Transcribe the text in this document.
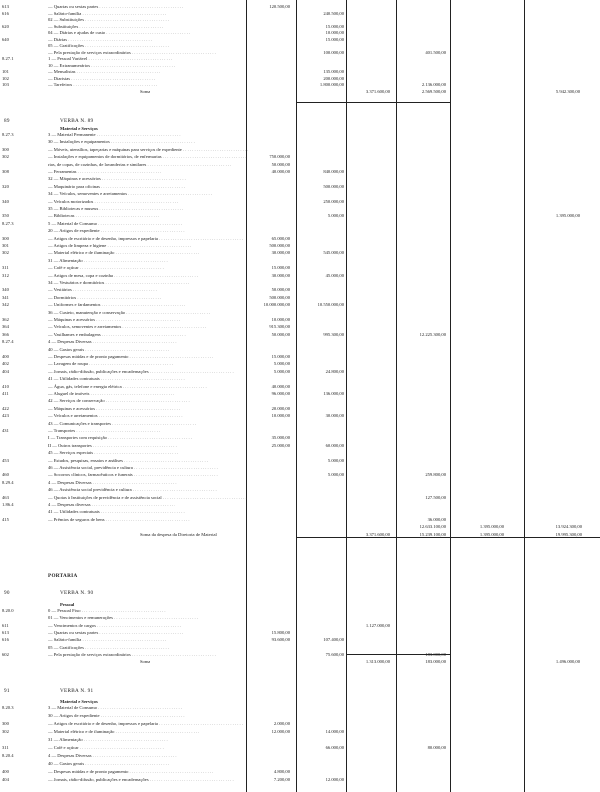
613	— Quartas ou sextas partes . . .	120.500,00
616	— Salário-família . . .	240.500,00
02 — Substituições . . .
620	— Substituições . . .	15.000,00
04 — Diárias e ajudas de custo . . .	10.000,00
640	— Diárias . . .	15.000,00
05 — Gratificações . . .
— Pela prestação de serviços extraordinários . . .	100.000,00	401.500,00
8.27.1	1 — Pessoal Variável . . .
10 — Extranumerários . . .
101	— Mensalistas . . .	135.000,00
102	— Diaristas . . .	200.000,00
103	— Tarefeiros . . .	1.800.000,00	2.136.000,00
Soma	3.371.600,00	2.569.500,00	5.942.300,00
89	VERBA N. 89
Material e Serviços
8.27.3	3 — Material Permanente . . .
30 — Instalações e equipamentos . . .
300	— Móveis, utensílios, tapeçarias e máquinas para serviços de expediente . . .
302	— Instalações e equipamentos de dormitórios, de enfermarias . . .	750.000,00
rias, de copas, de cozinhas, de lavanderias e similares . . .	50.000,00
308	— Ferramentas . . .	40.000,00	840.000,00
32 — Máquinas e acessórios . . .
320	— Maquinário para oficinas . . .	500.000,00
34 — Veículos, semoventes e arreiamentos . . .
340	— Veículos motorizados . . .	250.000,00
35 — Bibliotecas e museus . . .
350	— Bibliotecas . . .	5.000,00	1.395.000,00
8.27.3	5 — Material de Consumo . . .
20 — Artigos de expediente . . .
300	— Artigos de escritório e de desenho, impressos e papelaria . . .	65.000,00
301	— Artigos de limpeza e higiene . . .	500.000,00
302	— Material elétrico e de iluminação . . .	30.000,00	545.000,00
31 — Alimentação . . .
311	— Café e açúcar . . .	15.000,00
312	— Artigos de mesa, copa e cozinha . . .	30.000,00	45.000,00
34 — Vestuários e dormitórios . . .
340	— Vestiários . . .	50.000,00
341	— Dormitórios . . .	500.000,00
342	— Uniformes e fardamentos . . .	10.000.000,00	10.550.000,00
36 — Custeio, manutenção e conservação . . .
362	— Máquinas e acessórios . . .	10.000,00
364	— Veículos, semoventes e arreiamentos . . .	915.300,00
366	— Vasilhames e embalagens . . .	50.000,00	995.300,00	12.225.300,00
8.27.4	4 — Despesas Diversas . . .
40 — Gastos gerais . . .
400	— Despesas miúdas e de pronto pagamento . . .	15.000,00
402	— Lavagem de roupa . . .	5.000,00
404	— Jornais, rádio-difusão, publicações e encadernações . . .	5.000,00	24.800,00
41 — Utilidades contratuais . . .
410	— Água, gás, telefone e energia elétrica . . .	40.000,00
411	— Aluguel de imóveis . . .	96.000,00	136.000,00
42 — Serviços de conservação . . .
422	— Máquinas e acessórios . . .	20.000,00
423	— Veículos e arreiamentos . . .	10.000,00	30.000,00
43 — Comunicações e transportes . . .
431	— Transportes . . .
I — Transportes com requisição . . .	35.000,00
II — Outros transportes . . .	25.000,00	60.000,00
45 — Serviços especiais . . .
453	— Estudos, pesquisas, ensaios e análises . . .	5.000,00
46 — Assistência social, previdência e cultura . . .
460	— Socorros clínicos, farmacêuticos e funerais . . .	5.000,00	259.800,00
8.29.4	4 — Despesas Diversas . . .
46 — Assistência social previdência e cultura . . .
463	— Quotas à Instituições de previdência e de assistência social . . .	127.500,00
1.86.4	4 — Despesas diversas . . .
41 — Utilidades contratuais . . .
415	— Prêmios de seguros de bens . . .	36.000,00
12.633.100,00	1.395.000,00	13.924.300,00
Soma da despesa da Diretoria de Material	3.371.600,00	15.239.100,00	1.395.000,00	19.995.300,00
PORTARIA
90	VERBA N. 90
Pessoal
8.20.0	0 — Pessoal Fixo . . .
01 — Vencimentos e remunerações . . .
611	— Vencimentos de cargos . . .	1.127.000,00
613	— Quartas ou sextas partes . . .	15.800,00
616	— Salário-família . . .	93.600,00	107.400,00
05 — Gratificações . . .
602	— Pela prestação de serviços extraordinários . . .	75.600,00	183.000,00
Soma	1.313.000,00	183.000,00	1.496.000,00
91	VERBA N. 91
Material e Serviços
8.20.3	3 — Material de Consumo . . .
30 — Artigos de expediente . . .
300	— Artigos de escritório e de desenho, impressos e papelaria . . .	2.000,00
302	— Material elétrico e de iluminação . . .	12.000,00	14.000,00
31 — Alimentação . . .
311	— Café e açúcar . . .	66.000,00	80.000,00
8.20.4	4 — Despesas Diversas . . .
40 — Gastos gerais . . .
400	— Despesas miúdas e de pronto pagamento . . .	4.800,00
404	— Jornais, rádio-difusão, publicações e encadernações . . .	7.200,00	12.000,00
